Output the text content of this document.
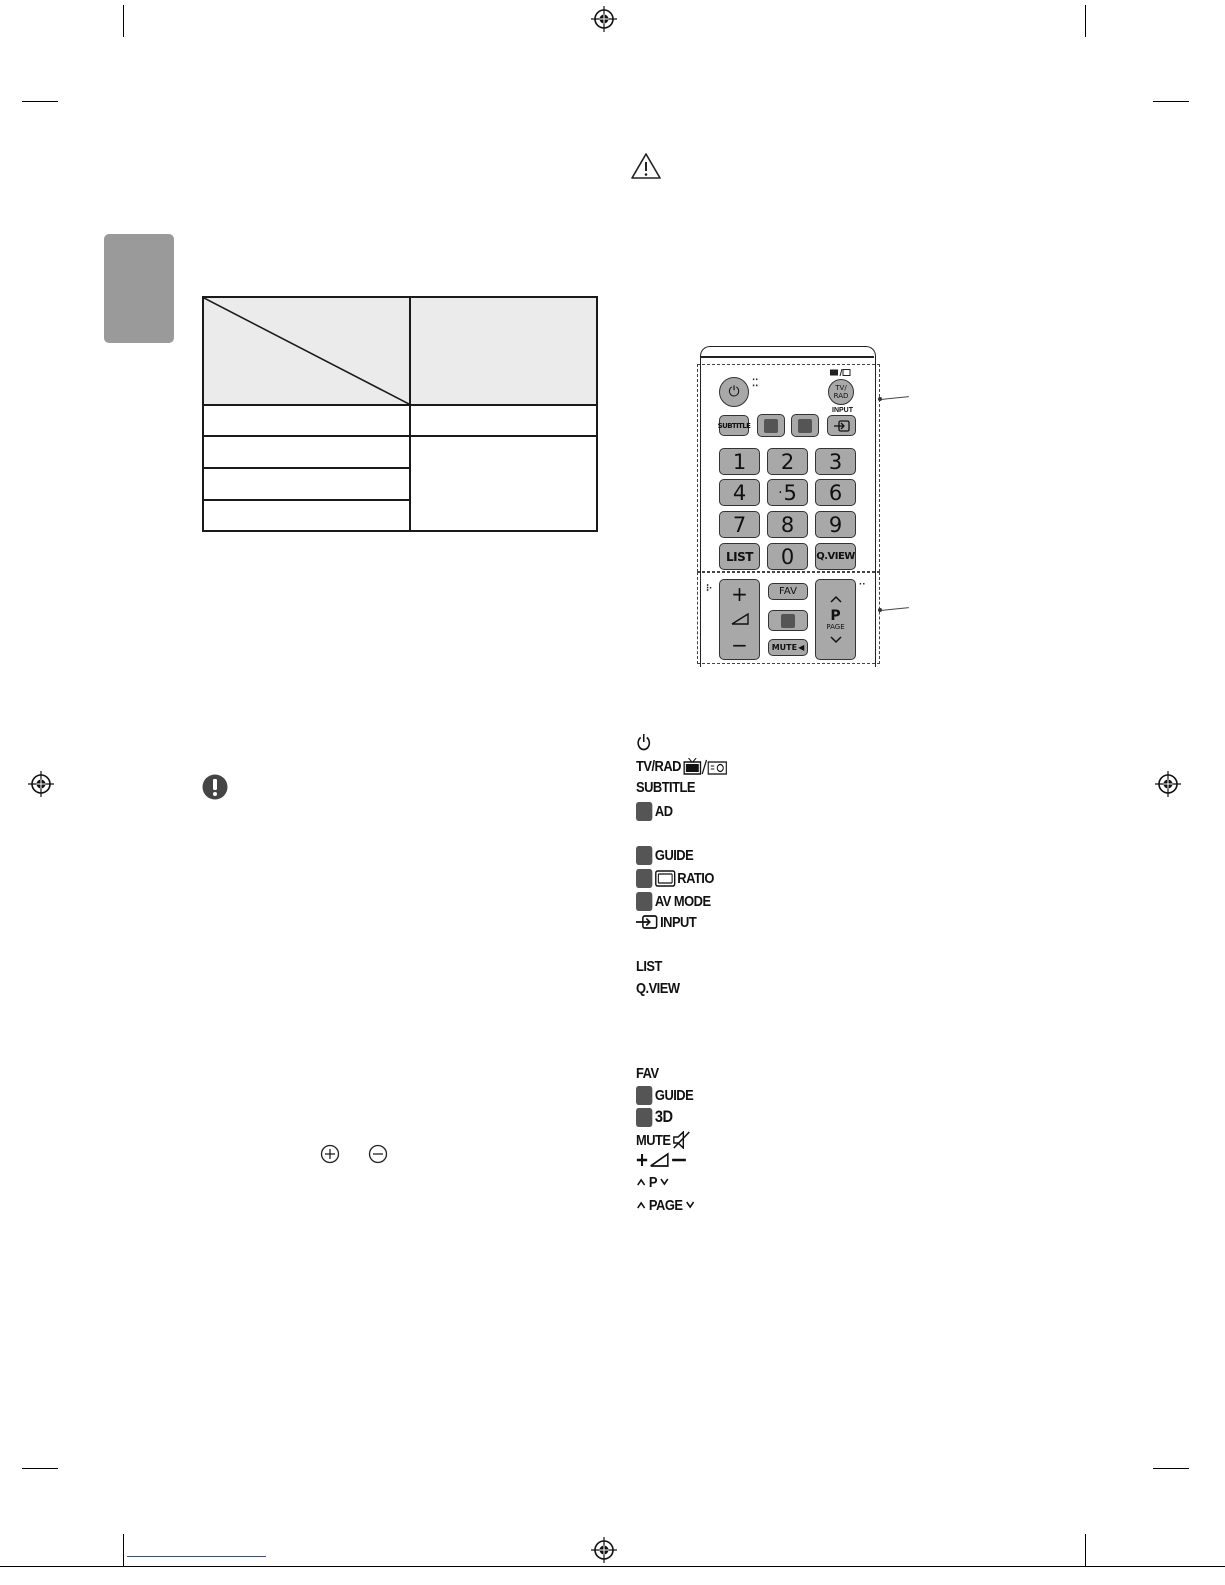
⏻
⁚⁚	TV/
RAD
SUBTITLE
INPUT
1	2	3
4	· 5	6
7	8	9
LIST	0	Q.VIEW
⁝· +
−
FAV
MUTE ◀
··
P
PAGE
TV/RAD
SUBTITLE
AD
GUIDE
RATIO
AV MODE
INPUT
LIST
Q.VIEW
FAV
GUIDE
3D
MUTE
P
PAGE
